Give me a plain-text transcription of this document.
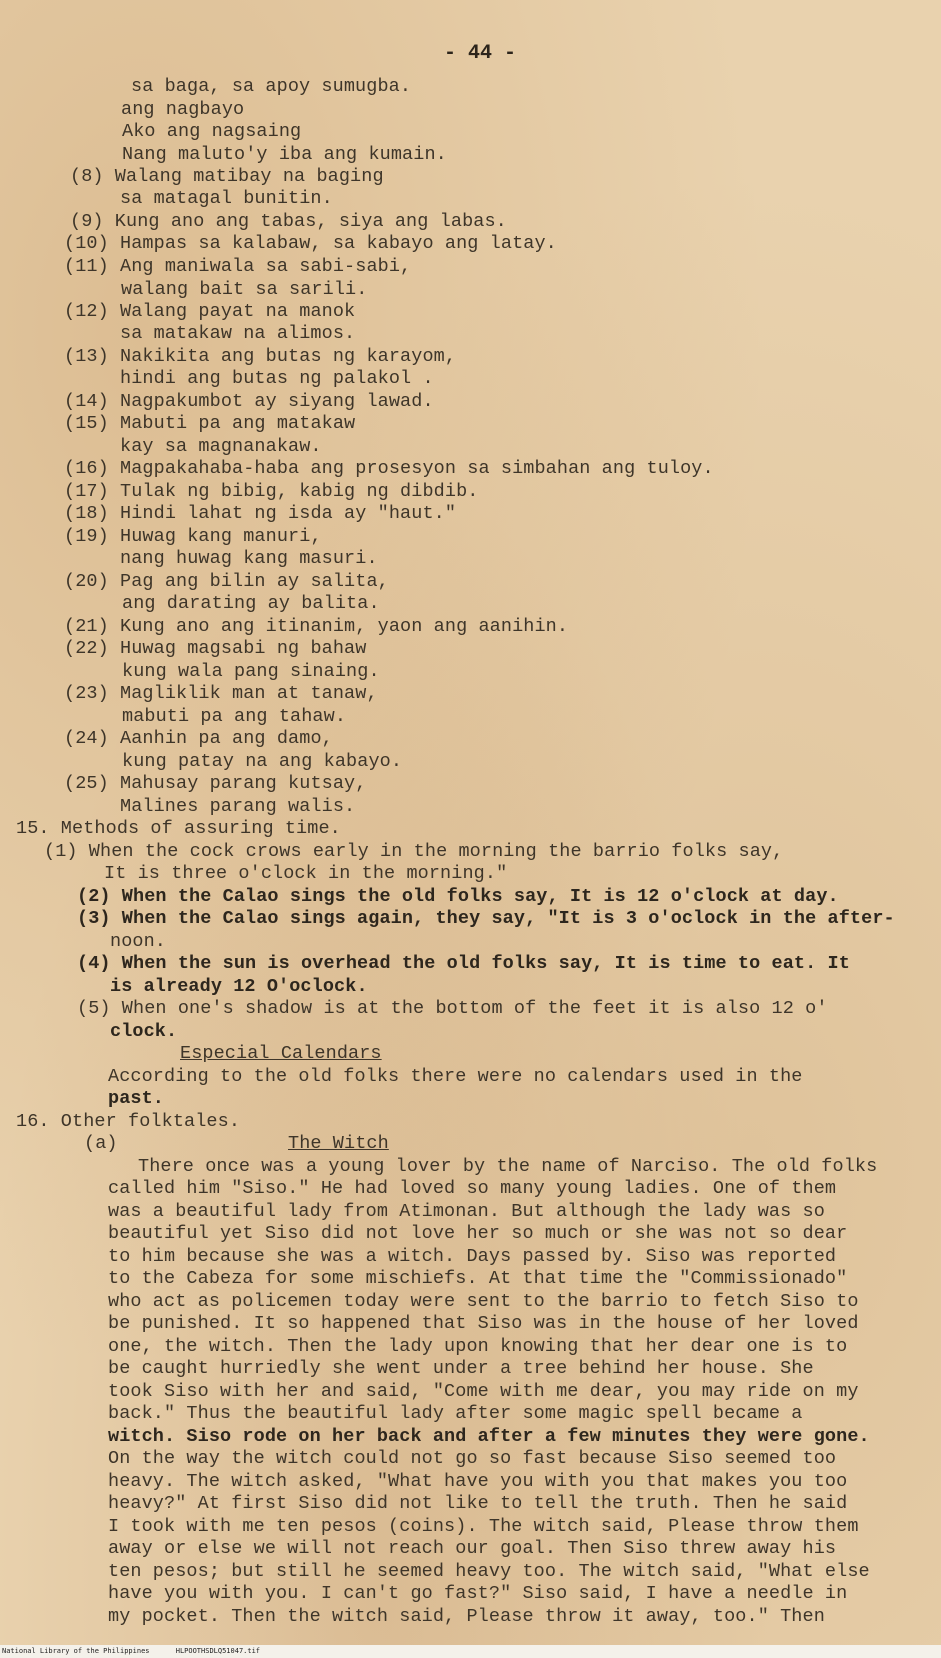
- 44 -
sa baga, sa apoy sumugba.
ang nagbayo
Ako ang nagsaing
Nang maluto'y iba ang kumain.
(8) Walang matibay na baging
sa matagal bunitin.
(9) Kung ano ang tabas, siya ang labas.
(10) Hampas sa kalabaw, sa kabayo ang latay.
(11) Ang maniwala sa sabi-sabi,
walang bait sa sarili.
(12) Walang payat na manok
sa matakaw na alimos.
(13) Nakikita ang butas ng karayom,
hindi ang butas ng palakol .
(14) Nagpakumbot ay siyang lawad.
(15) Mabuti pa ang matakaw
kay sa magnanakaw.
(16) Magpakahaba-haba ang prosesyon sa simbahan ang tuloy.
(17) Tulak ng bibig, kabig ng dibdib.
(18) Hindi lahat ng isda ay "haut."
(19) Huwag kang manuri,
nang huwag kang masuri.
(20) Pag ang bilin ay salita,
ang darating ay balita.
(21) Kung ano ang itinanim, yaon ang aanihin.
(22) Huwag magsabi ng bahaw
kung wala pang sinaing.
(23) Magliklik man at tanaw,
mabuti pa ang tahaw.
(24) Aanhin pa ang damo,
kung patay na ang kabayo.
(25) Mahusay parang kutsay,
Malines parang walis.
15. Methods of assuring time.
(1) When the cock crows early in the morning the barrio folks say,
It is three o'clock in the morning."
(2) When the Calao sings the old folks say, It is 12 o'clock at day.
(3) When the Calao sings again, they say, "It is 3 o'oclock in the after-
noon.
(4) When the sun is overhead the old folks say, It is time to eat. It
is already 12 O'oclock.
(5) When one's shadow is at the bottom of the feet it is also 12 o'
clock.
Especial Calendars
According to the old folks there were no calendars used in the
past.
16. Other folktales.
(a)	The Witch
There once was a young lover by the name of Narciso. The old folks
called him "Siso." He had loved so many young ladies. One of them
was a beautiful lady from Atimonan. But although the lady was so
beautiful yet Siso did not love her so much or she was not so dear
to him because she was a witch. Days passed by. Siso was reported
to the Cabeza for some mischiefs. At that time the "Commissionado"
who act as policemen today were sent to the barrio to fetch Siso to
be punished. It so happened that Siso was in the house of her loved
one, the witch. Then the lady upon knowing that her dear one is to
be caught hurriedly she went under a tree behind her house. She
took Siso with her and said, "Come with me dear, you may ride on my
back." Thus the beautiful lady after some magic spell became a
witch. Siso rode on her back and after a few minutes they were gone.
On the way the witch could not go so fast because Siso seemed too
heavy. The witch asked, "What have you with you that makes you too
heavy?" At first Siso did not like to tell the truth. Then he said
I took with me ten pesos (coins). The witch said, Please throw them
away or else we will not reach our goal. Then Siso threw away his
ten pesos; but still he seemed heavy too. The witch said, "What else
have you with you. I can't go fast?" Siso said, I have a needle in
my pocket. Then the witch said, Please throw it away, too." Then
National Library of the Philippines	HLPOOTHSDLQ51047.tif
